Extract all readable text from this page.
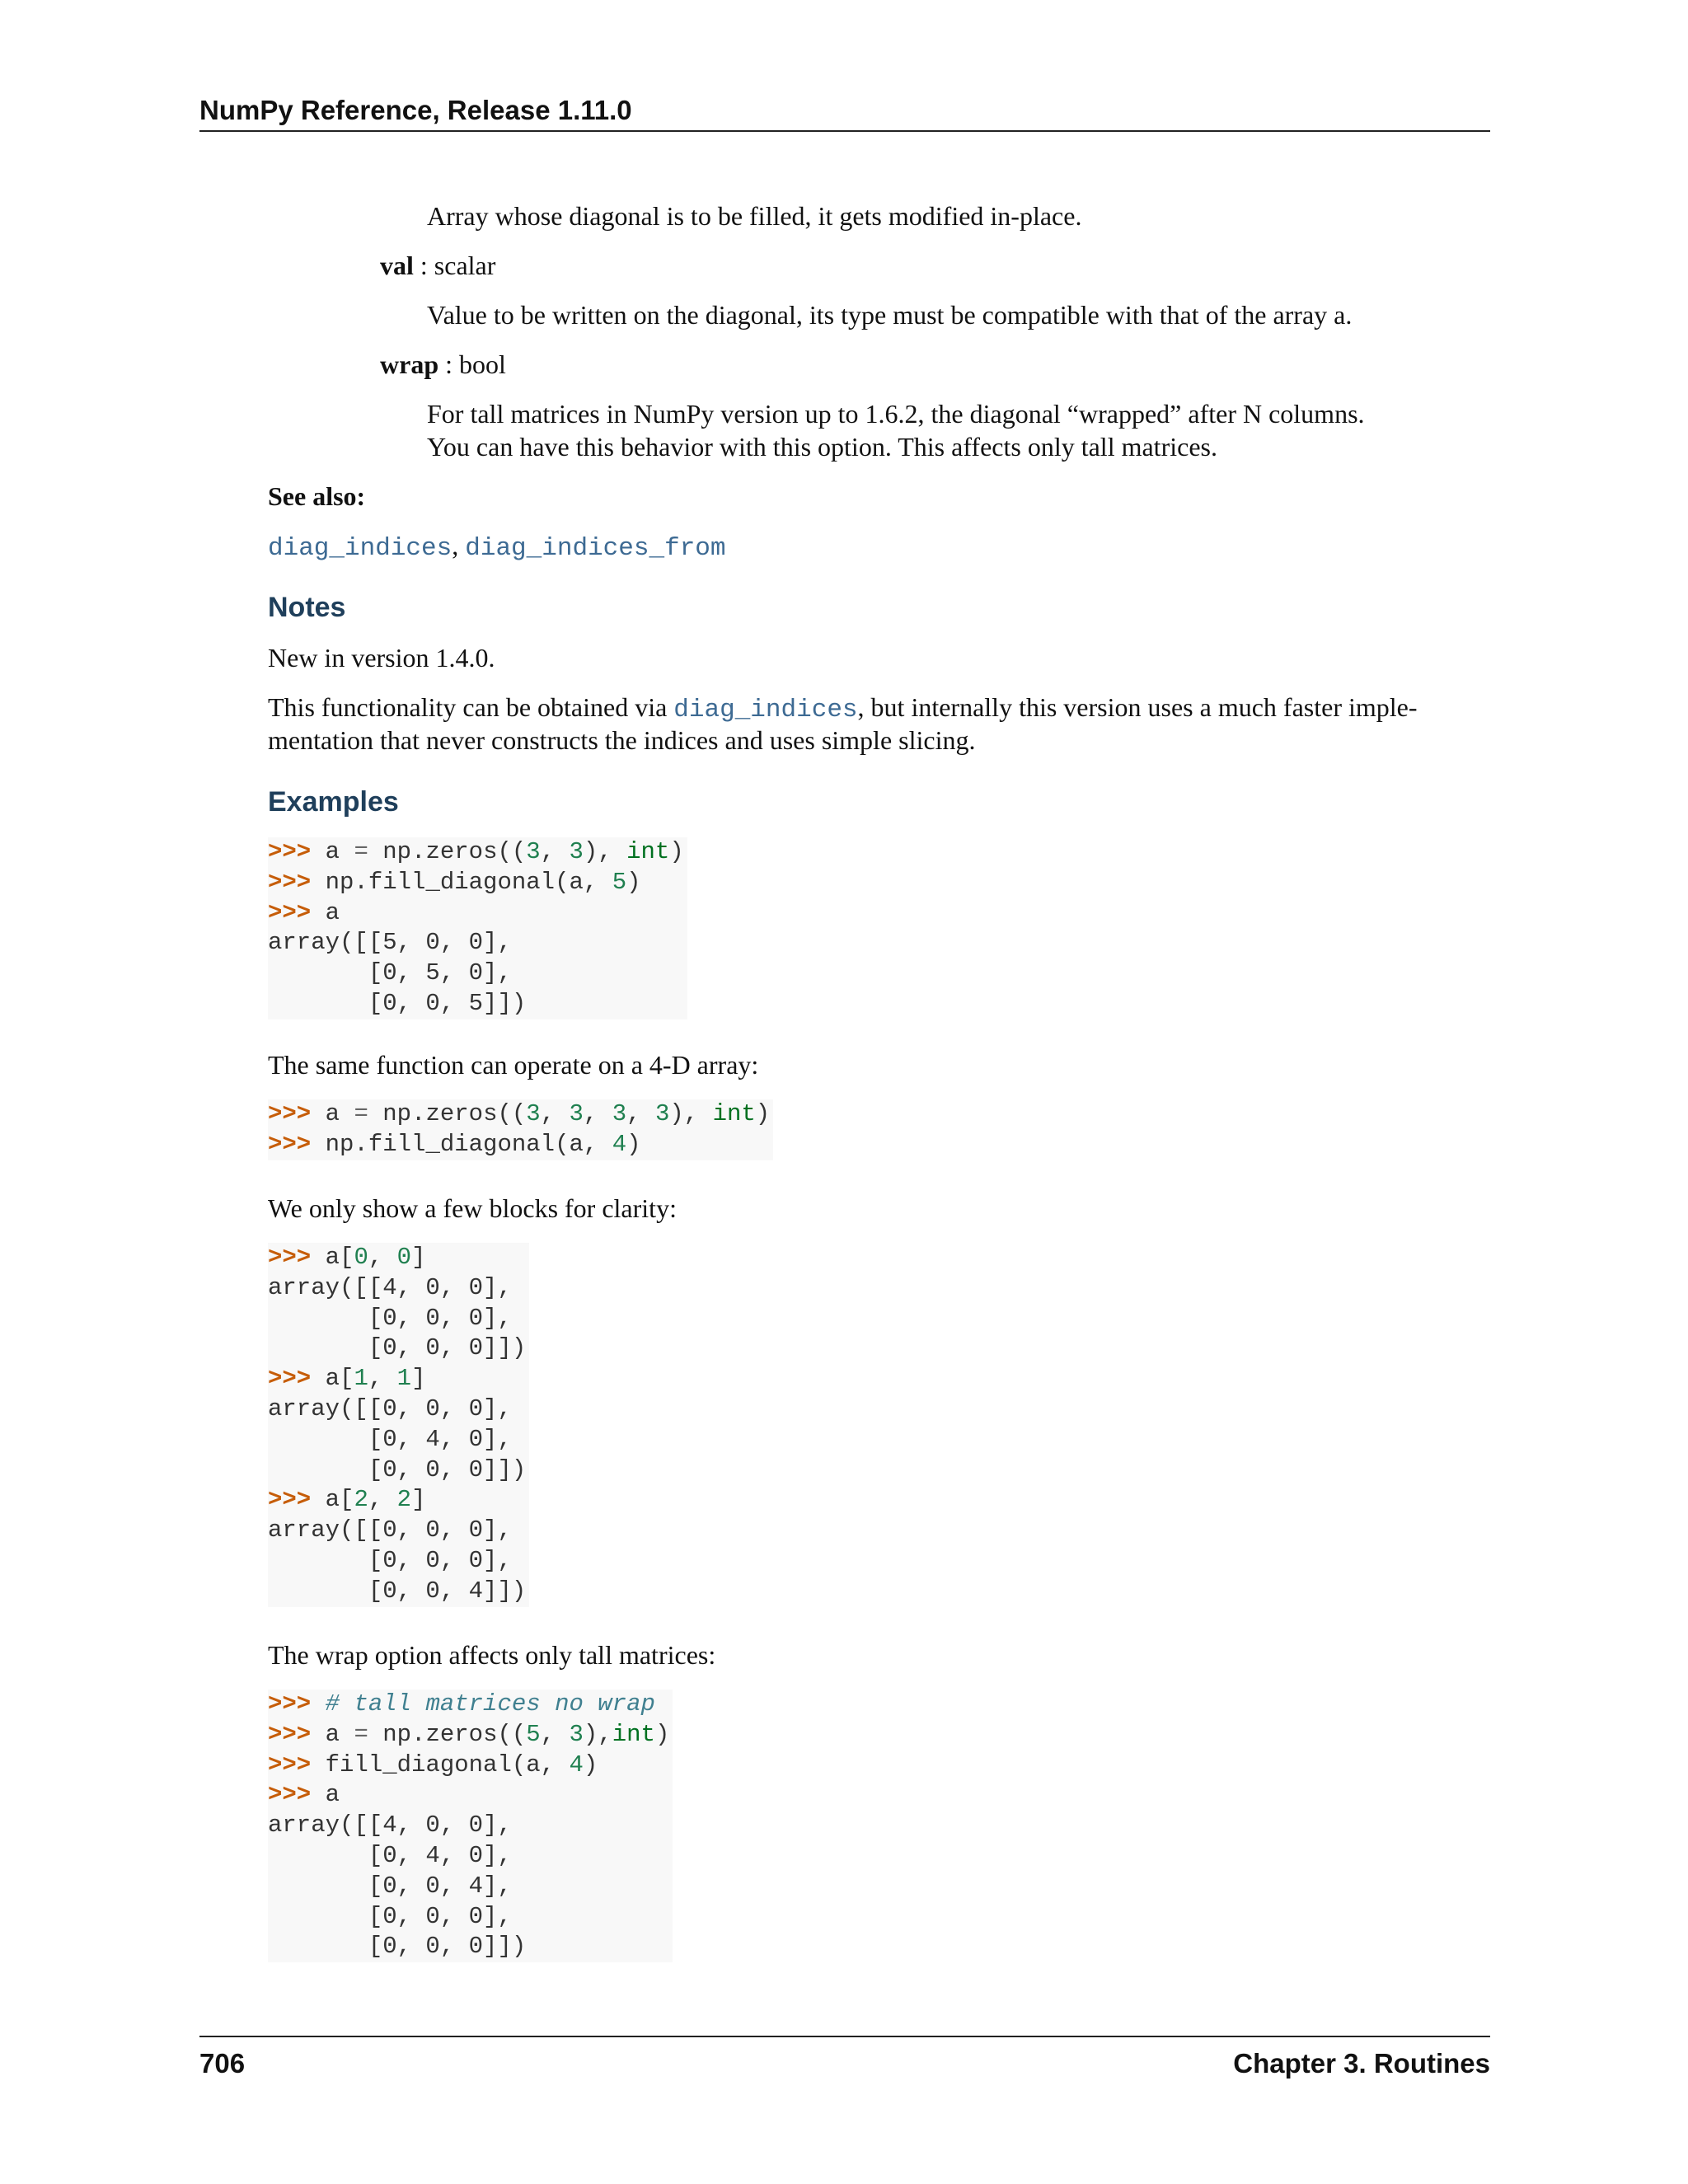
NumPy Reference, Release 1.11.0
Array whose diagonal is to be filled, it gets modified in-place.
val : scalar
Value to be written on the diagonal, its type must be compatible with that of the array a.
wrap : bool
For tall matrices in NumPy version up to 1.6.2, the diagonal “wrapped” after N columns.
You can have this behavior with this option. This affects only tall matrices.
See also:
diag_indices, diag_indices_from
Notes
New in version 1.4.0.
This functionality can be obtained via diag_indices, but internally this version uses a much faster imple-
mentation that never constructs the indices and uses simple slicing.
Examples
>>> a = np.zeros((3, 3), int)
>>> np.fill_diagonal(a, 5)
>>> a
array([[5, 0, 0],
[0, 5, 0],
[0, 0, 5]])
The same function can operate on a 4-D array:
>>> a = np.zeros((3, 3, 3, 3), int)
>>> np.fill_diagonal(a, 4)
We only show a few blocks for clarity:
>>> a[0, 0]
array([[4, 0, 0],
[0, 0, 0],
[0, 0, 0]])
>>> a[1, 1]
array([[0, 0, 0],
[0, 4, 0],
[0, 0, 0]])
>>> a[2, 2]
array([[0, 0, 0],
[0, 0, 0],
[0, 0, 4]])
The wrap option affects only tall matrices:
>>> # tall matrices no wrap
>>> a = np.zeros((5, 3),int)
>>> fill_diagonal(a, 4)
>>> a
array([[4, 0, 0],
[0, 4, 0],
[0, 0, 4],
[0, 0, 0],
[0, 0, 0]])
706	Chapter 3. Routines
